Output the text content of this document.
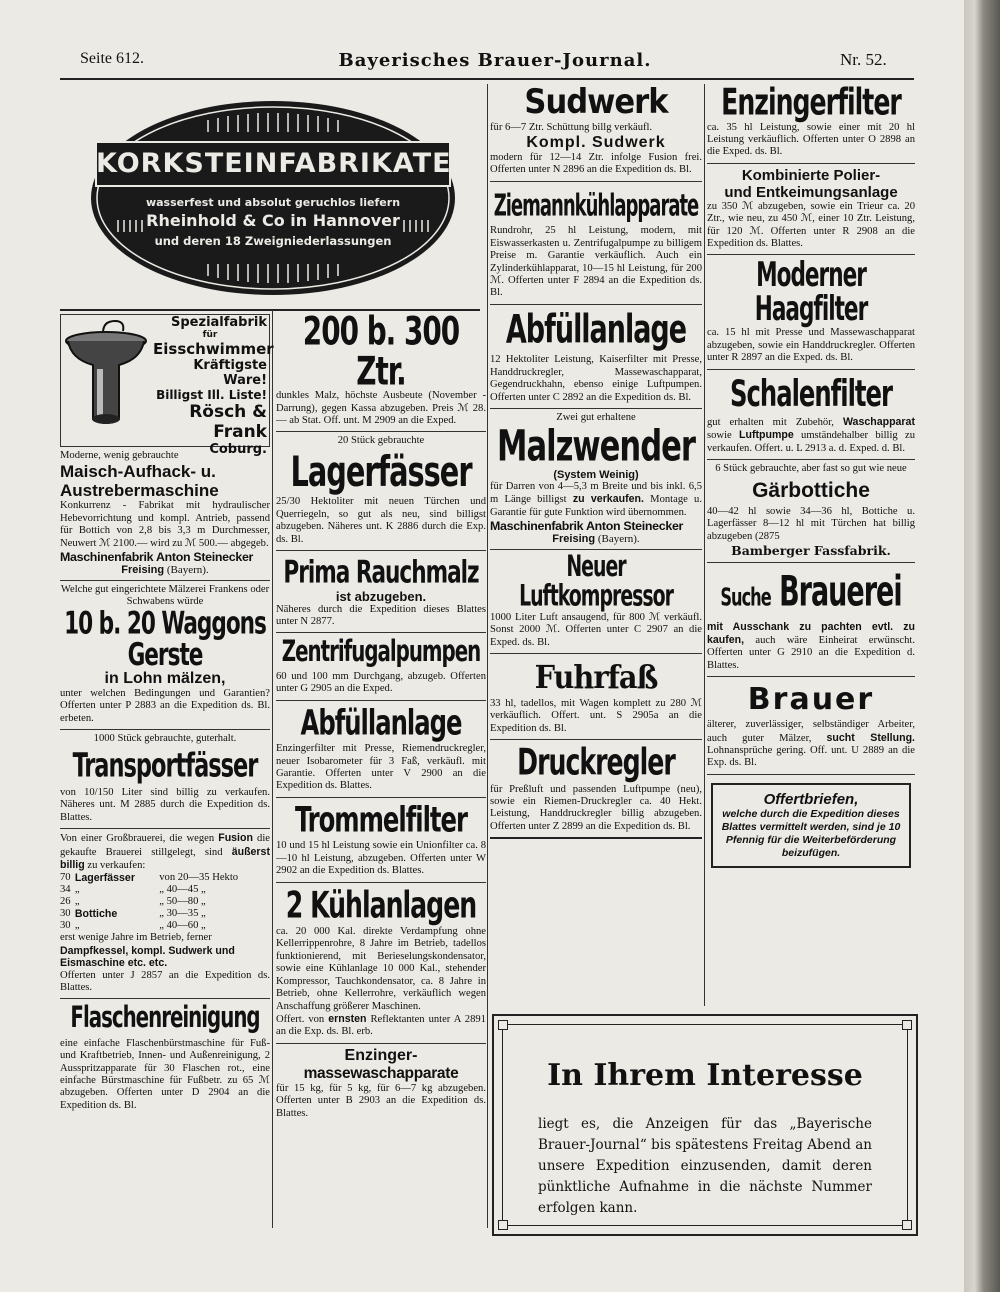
Seite 612.	Bayerisches Brauer-Journal.	Nr. 52.
KORKSTEINFABRIKATE
wasserfest und absolut geruchlos liefern
Rheinhold & Co in Hannover
und deren 18 Zweigniederlassungen
Spezialfabrik
für
Eisschwimmer
Kräftigste Ware!
Billigst Ill. Liste!
Rösch & Frank
Coburg.
Moderne, wenig gebrauchte
Maisch-Aufhack- u.
Austrebermaschine
Konkurrenz - Fabrikat mit hydraulischer Hebevorrichtung und kompl. Antrieb, passend für Bottich von 2,8 bis 3,3 m Durchmesser, Neuwert ℳ 2100.— wird zu ℳ 500.— abgegeb.
Maschinenfabrik Anton Steinecker
Freising (Bayern).
Welche gut eingerichtete Mälzerei Frankens oder Schwabens würde
10 b. 20 Waggons Gerste
in Lohn mälzen,
unter welchen Bedingungen und Garantien? Offerten unter P 2883 an die Expedition ds. Bl. erbeten.
1000 Stück gebrauchte, guterhalt.
Transportfässer
von 10/150 Liter sind billig zu verkaufen. Näheres unt. M 2885 durch die Expedition ds. Blattes.
Von einer Großbrauerei, die wegen Fusion die gekaufte Brauerei stillgelegt, sind äußerst billig zu verkaufen:
70	Lagerfässer	von 20—35 Hekto
34	„	„ 40—45 „
26	„	„ 50—80 „
30	Bottiche	„ 30—35 „
30	„	„ 40—60 „
erst wenige Jahre im Betrieb, ferner
Dampfkessel, kompl. Sudwerk und Eismaschine etc. etc.
Offerten unter J 2857 an die Expedition ds. Blattes.
Flaschenreinigung
eine einfache Flaschenbürstmaschine für Fuß- und Kraftbetrieb, Innen- und Außenreinigung, 2 Ausspritzapparate für 30 Flaschen rot., eine einfache Bürstmaschine für Fußbetr. zu 65 ℳ abzugeben. Offerten unter D 2904 an die Expedition ds. Bl.
200 b. 300 Ztr.
dunkles Malz, höchste Ausbeute (November - Darrung), gegen Kassa abzugeben. Preis ℳ 28.— ab Stat. Off. unt. M 2909 an die Exped.
20 Stück gebrauchte
Lagerfässer
25/30 Hektoliter mit neuen Türchen und Querriegeln, so gut als neu, sind billigst abzugeben. Näheres unt. K 2886 durch die Exp. ds. Bl.
Prima Rauchmalz
ist abzugeben.
Näheres durch die Expedition dieses Blattes unter N 2877.
Zentrifugalpumpen
60 und 100 mm Durchgang, abzugeb. Offerten unter G 2905 an die Exped.
Abfüllanlage
Enzingerfilter mit Presse, Riemendruckregler, neuer Isobarometer für 3 Faß, verkäufl. mit Garantie. Offerten unter V 2900 an die Expedition ds. Blattes.
Trommelfilter
10 und 15 hl Leistung sowie ein Unionfilter ca. 8—10 hl Leistung, abzugeben. Offerten unter W 2902 an die Expedition ds. Blattes.
2 Kühlanlagen
ca. 20 000 Kal. direkte Verdampfung ohne Kellerrippenrohre, 8 Jahre im Betrieb, tadellos funktionierend, mit Berieselungskondensator, sowie eine Kühlanlage 10 000 Kal., stehender Kompressor, Tauchkondensator, ca. 8 Jahre in Betrieb, ohne Kellerrohre, verkäuflich wegen Anschaffung größerer Maschinen.
Offert. von ernsten Reflektanten unter A 2891 an die Exp. ds. Bl. erb.
Enzinger-
massewaschapparate
für 15 kg, für 5 kg, für 6—7 kg abzugeben. Offerten unter B 2903 an die Expedition ds. Blattes.
Sudwerk
für 6—7 Ztr. Schüttung billg verkäufl.
Kompl. Sudwerk
modern für 12—14 Ztr. infolge Fusion frei. Offerten unter N 2896 an die Expedition ds. Bl.
Ziemannkühlapparate
Rundrohr, 25 hl Leistung, modern, mit Eiswasserkasten u. Zentrifugalpumpe zu billigem Preise m. Garantie verkäuflich. Auch ein Zylinderkühlapparat, 10—15 hl Leistung, für 200 ℳ. Offerten unter F 2894 an die Expedition ds. Bl.
Abfüllanlage
12 Hektoliter Leistung, Kaiserfilter mit Presse, Handdruckregler, Massewaschapparat, Gegendruckhahn, ebenso einige Luftpumpen. Offerten unter C 2892 an die Expedition ds. Bl.
Zwei gut erhaltene
Malzwender
(System Weinig)
für Darren von 4—5,3 m Breite und bis inkl. 6,5 m Länge billigst zu verkaufen. Montage u. Garantie für gute Funktion wird übernommen.
Maschinenfabrik Anton Steinecker
Freising (Bayern).
Neuer Luftkompressor
1000 Liter Luft ansaugend, für 800 ℳ verkäufl. Sonst 2000 ℳ. Offerten unter C 2907 an die Exped. ds. Bl.
Fuhrfaß
33 hl, tadellos, mit Wagen komplett zu 280 ℳ verkäuflich. Offert. unt. S 2905a an die Expedition ds. Bl.
Druckregler
für Preßluft und passenden Luftpumpe (neu), sowie ein Riemen-Druckregler ca. 40 Hekt. Leistung, Handdruckregler billig abzugeben. Offerten unter Z 2899 an die Expedition ds. Bl.
Enzingerfilter
ca. 35 hl Leistung, sowie einer mit 20 hl Leistung verkäuflich. Offerten unter O 2898 an die Exped. ds. Bl.
Kombinierte Polier-
und Entkeimungsanlage
zu 350 ℳ abzugeben, sowie ein Trieur ca. 20 Ztr., wie neu, zu 450 ℳ, einer 10 Ztr. Leistung, für 120 ℳ. Offerten unter R 2908 an die Expedition ds. Blattes.
Moderner Haagfilter
ca. 15 hl mit Presse und Massewaschapparat abzugeben, sowie ein Handdruckregler. Offerten unter R 2897 an die Exped. ds. Bl.
Schalenfilter
gut erhalten mit Zubehör, Waschapparat sowie Luftpumpe umständehalber billig zu verkaufen. Offert. u. L 2913 a. d. Exped. d. Bl.
6 Stück gebrauchte, aber fast so gut wie neue
Gärbottiche
40—42 hl sowie 34—36 hl, Bottiche u. Lagerfässer 8—12 hl mit Türchen hat billig abzugeben (2875
Bamberger Fassfabrik.
Suche Brauerei
mit Ausschank zu pachten evtl. zu kaufen, auch wäre Einheirat erwünscht. Offerten unter G 2910 an die Expedition d. Blattes.
Brauer
älterer, zuverlässiger, selbständiger Arbeiter, auch guter Mälzer, sucht Stellung. Lohnansprüche gering. Off. unt. U 2889 an die Exp. ds. Bl.
Offertbriefen,
welche durch die Expedition dieses Blattes vermittelt werden, sind je 10 Pfennig für die Weiterbeförderung beizufügen.
In Ihrem Interesse
liegt es, die Anzeigen für das „Bayerische Brauer-Journal“ bis spätestens Freitag Abend an unsere Expedition einzusenden, damit deren pünktliche Aufnahme in die nächste Nummer erfolgen kann.
